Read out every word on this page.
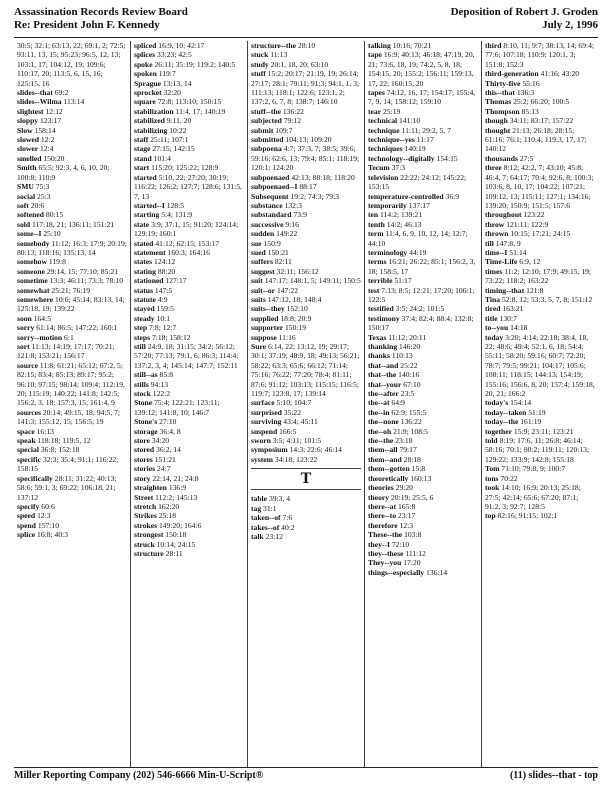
Assassination Records Review Board
Re: President John F. Kennedy
Deposition of Robert J. Groden
July 2, 1996

30:5; 32:1; 63:13, 22; 69:1, 2; 72:5; 93:11, 13, 15; 95:23; 96:5, 12, 13; 103:1, 17; 104:12, 19; 109:6; 110:17, 20; 113:5, 6, 15, 16; 125:15, 16

slides--that 69:2

slides--Wilma 113:14

slightest 12:12

sloppy 123:17

Slow 158:14

slowed 12:2

slower 12:4

smelled 150:20

Smith 65:5; 92:3, 4, 6, 10, 20; 100:8; 110:9

SMU 75:3

social 25:3

soft 20:6

softened 80:15

sold 117:18, 21; 136:11; 151:21

some--I 25:10

somebody 11:12; 16:3; 17:9; 20:19; 80:13; 118:16; 135:13, 14

somehow 119:8

someone 29:14, 15; 77:10; 85:21

sometime 13:3; 46:11; 73:3; 78:10

somewhat 25:21; 76:19

somewhere 10:6; 45:14; 83:13, 14; 125:18, 19; 139:22

soon 164:5

sorry 61:14; 86:5; 147:22; 160:1

sorry--motion 6:1

sort 11:13; 14:19; 17:17; 70:21; 121:8; 153:21; 156:17

source 11:8; 61:21; 65:12; 67:2, 5; 82:15; 83:4; 85:13; 89:17; 95:2; 96:10; 97:15; 98:14; 109:4; 112:19, 20; 115:19; 140:22; 141:8; 142:5; 156:2, 3, 18; 157:3, 15; 161:4, 9

sources 20:14; 49:15, 18; 94:5, 7; 141:3; 155:12, 15; 156:5, 19

space 16:13

speak 118:18; 119:5, 12

special 36:8; 152:18

specific 32:3; 35:4; 91:1; 116:22; 158:15

specifically 28:11; 31:22; 40:13; 58:6; 59:1, 3; 69:22; 106:18, 21; 137:12

specify 60:6

speed 12:3

spend 157:10

splice 16:8; 40:3

spliced 16:9, 10; 42:17

splices 33:23; 42:5

spoke 26:11; 35:19; 119:2; 140:5

spoken 119:7

Sprague 13:13, 14

sprocket 32:20

square 72:8; 113:10; 150:15

stabilization 11:4, 17; 140:19

stabilized 9:11, 20

stabilizing 10:22

staff 25:11; 107:1

stage 27:15; 142:15

stand 101:4

start 115:20; 125:22; 128:9

started 5:10, 22; 27:20; 30:19; 116:22; 126:2; 127:7; 128:6; 131:5, 7, 13

started--I 128:5

starting 5:4; 131:9

state 3:9; 37:1, 15; 91:20; 124:14; 129:19; 160:1

stated 41:12; 62:15; 153:17

statement 160:3; 164:16

states 124:12

stating 88:20

stationed 127:17

status 147:5

statute 4:9

stayed 159:5

steady 10:1

step 7:8; 12:7

steps 7:18; 158:12

still 24:9, 18; 31:15; 34:2; 56:12; 57:20; 77:13; 79:1, 6; 86:3; 114:4; 137:2, 3, 4; 145:14; 147:7; 152:11

still--as 85:8

stills 94:13

stock 122:2

Stone 75:4; 122:21; 123:11; 139:12; 141:8, 10; 146:7

Stone's 27:10

storage 36:4, 8

store 34:20

stored 36:2, 14

stores 151:21

stories 24:7

story 22:14, 21; 24:8

straighten 136:9

Street 112:2; 145:13

stretch 162:20

Strikes 25:18

strokes 149:20; 164:6

strongest 150:18

struck 10:14; 24:15

structure 28:11

structure--the 28:10

stuck 11:13

study 20:1, 18, 20; 63:10

stuff 15:2; 20:17; 21:19, 19; 26:14; 27:17; 28:1; 79:11; 91:3; 94:1, 1, 3; 111:13; 118:1; 122:6; 123:1, 2; 137:2, 6, 7, 8; 138:7; 146:10

stuff--the 136:22

subjected 79:12

submit 109:7

submitted 104:13; 109:20

subpoena 4:7; 37:3, 7; 38:5; 39:6; 59:16; 62:6, 13; 79:4; 85:1; 118:19; 120:1; 124:20

subpoenaed 42:13; 88:18; 118:20

subpoenaed--I 88:17

Subsequent 19:2; 74:3; 79:3

substance 132:3

substandard 73:9

successive 9:16

sudden 149:22

sue 150:9

sued 150:21

suffers 82:11

suggest 32:11; 156:12

suit 147:17; 148:1, 5; 149:11; 150:5

suit--or 147:22

suits 147:12, 18; 148:4

suits--they 152:10

supplied 18:8; 20:9

supporter 150:19

suppose 11:16

Sure 6:14, 22; 13:12, 19; 29:17; 30:1; 37:19; 48:9, 18; 49:13; 56:21; 58:22; 63:3; 65:6; 66:12; 71:14; 75:16; 76:22; 77:20; 78:4; 81:11; 87:6; 91:12; 103:13; 115:15; 116:5; 119:7; 123:8, 17; 139:14

surface 5:10; 104:7

surprised 35:22

surviving 43:4; 45:11

suspend 166:5

sworn 3:5; 4:11; 101:5

symposium 14:3; 22:6; 46:14

system 34:18; 123:22

T

table 39:3, 4

tag 31:1

taken--of 7:6

takes--of 40:2

talk 23:12

talking 10:16; 70:21

tape 16:9; 40:13; 46:18; 47:19, 20, 21; 73:6, 18, 19; 74:2, 5, 8, 18; 154:15, 20; 155:2; 156:11; 159:13, 17, 22; 160:15, 20

tapes 74:12, 16, 17; 154:17; 155:4, 7, 9, 14; 158:12; 159:10

tear 25:19

technical 141:10

technique 11:11; 29:2, 5, 7

technique--yes 11:17

techniques 140:19

technology--digitally 154:15

Tecum 37:3

television 22:22; 24:12; 145:22; 153:15

temperature-controlled 36:9

temporarily 137:17

ten 114:2; 139:21

tenth 14:2; 46:13

term 11:4, 6, 9, 10, 12, 14; 12:7; 44:10

terminology 44:19

terms 16:21; 26:22; 85:1; 156:2, 3, 18; 158:5, 17

terrible 51:17

test 7:13; 8:5; 12:21; 17:20; 106:1; 122:5

testified 3:5; 24:2; 101:5

testimony 37:4; 82:4; 88:4; 132:8; 150:17

Texas 11:12; 20:11

thanking 146:20

thanks 110:13

that--and 25:22

that--the 140:16

that--your 67:10

the--after 23:5

the--at 64:9

the--in 62:9; 155:5

the--none 136:22

the--oh 21:9; 108:5

the--the 23:18

them--all 79:17

them--and 28:18

them--gotten 15:8

theoretically 160:13

theories 29:20

theory 20:19; 25:5, 6

there--at 165:8

there--to 23:17

therefore 12:3

These--the 103:8

they--I 72:10

they--these 111:12

They--you 17:20

things--especially 136:14

third 8:10, 11; 9:7; 38:13, 14; 69:4; 77:6; 107:18; 110:9; 120:1, 3; 151:8; 152:3

third-generation 41:16; 43:20

Thirty-five 55:16

this--that 136:3

Thomas 25:2; 66:20; 100:5

Thompson 85:13

though 34:11; 83:17; 157:22

thought 21:13; 26:18; 28:15; 61:16; 76:1; 110:4; 119:3, 17, 17; 140:12

thousands 27:5

three 8:12; 42:2, 7; 43:10; 45:8; 46:4, 7; 64:17; 70:4; 92:6, 8; 100:3; 103:6, 8, 10, 17; 104:22; 107:21; 109:12, 13; 115:11; 127:1; 134:16; 139:20; 150:9; 151:5; 157:6

throughout 123:22

throw 121:11; 122:9

thrown 10:15; 17:21; 24:15

till 147:8, 9

time--I 51:14

Time-Life 6:9, 12

times 11:2; 12:10; 17:9; 49:15, 19; 73:22; 118:2; 163:22

timing--that 121:8

Tina 52:8, 12; 53:3, 5, 7, 8; 151:12

tired 163:21

title 130:7

to--you 14:18

today 3:20; 4:14; 22:18; 38:4, 18, 22; 48:6; 49:4; 52:1, 6, 18; 54:4; 55:11; 58:20; 59:16; 60:7; 72:20; 78:7; 79:5; 99:21; 104:17; 105:6; 108:11; 118:15; 144:13; 154:19; 155:16; 156:6, 8, 20; 157:4; 159:18, 20, 21; 166:2

today's 154:14

today--taken 51:19

today--the 161:19

together 15:9; 23:11; 123:21

told 8:19; 17:6, 11; 26:8; 46:14; 58:16; 70:1; 80:2; 119:11; 120:13; 129:22; 133:9; 142:8; 155:18

Tom 71:10; 79:8, 9; 100:7

tons 70:22

took 14:10; 16:9; 20:13; 25:18; 27:5; 42:14; 65:6; 67:20; 87:1; 91:2, 3; 92:7; 128:5

top 82:16; 91:15; 102:1

Miller Reporting Company (202) 546-6666 Min-U-Script®	(11) slides--that - top
